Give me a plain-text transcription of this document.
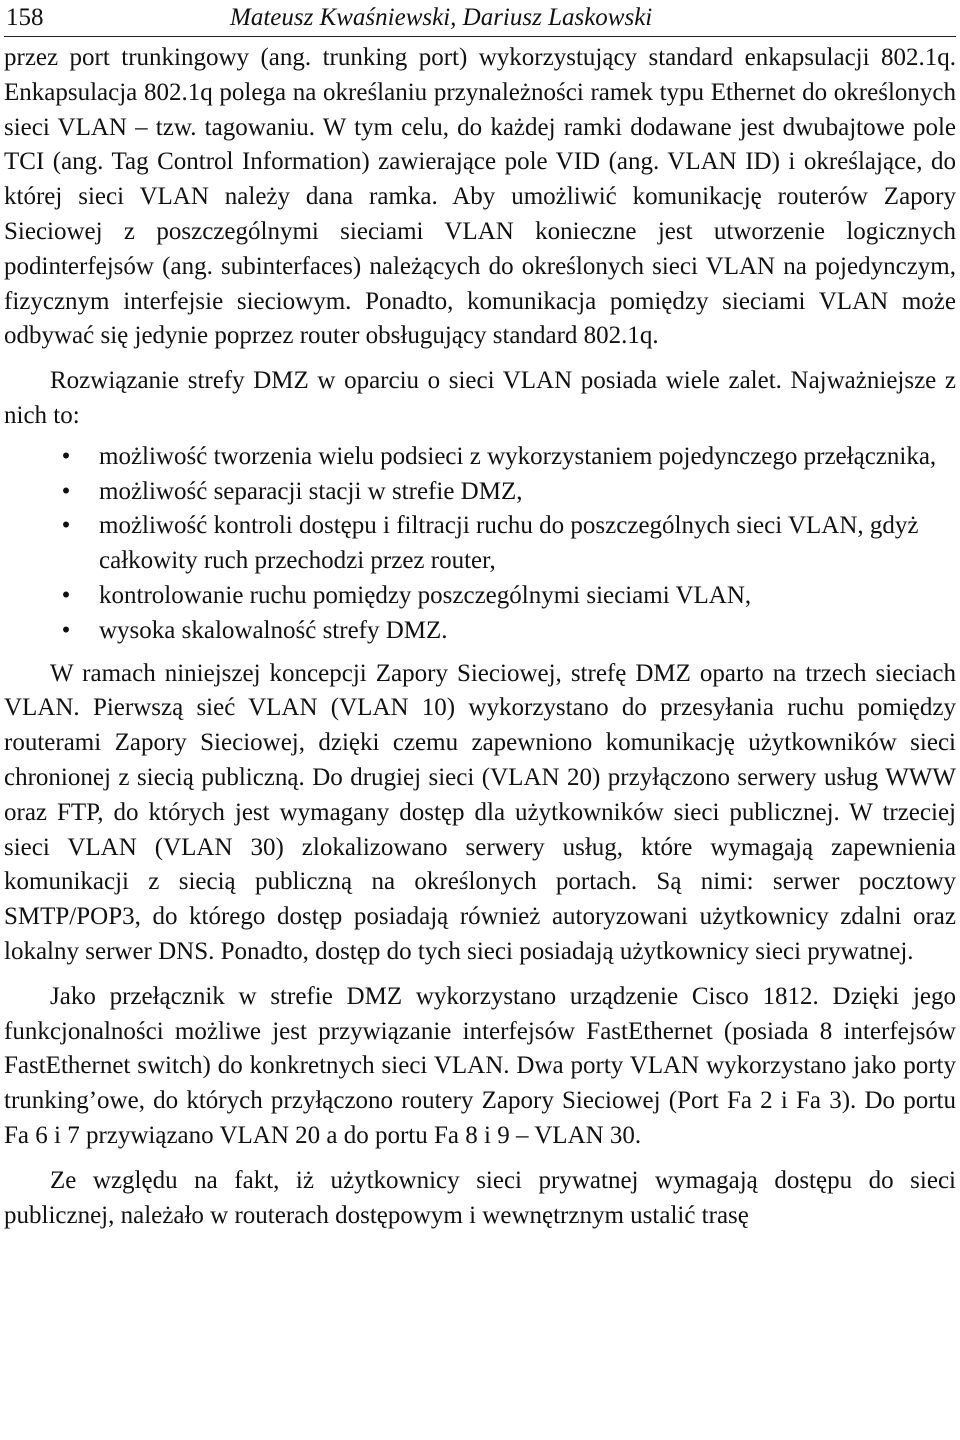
158	Mateusz Kwaśniewski, Dariusz Laskowski

przez port trunkingowy (ang. trunking port) wykorzystujący standard enkapsulacji 802.1q. Enkapsulacja 802.1q polega na określaniu przynależności ramek typu Ethernet do określonych sieci VLAN – tzw. tagowaniu. W tym celu, do każdej ramki dodawane jest dwubajtowe pole TCI (ang. Tag Control Information) zawierające pole VID (ang. VLAN ID) i określające, do której sieci VLAN należy dana ramka. Aby umożliwić komunikację routerów Zapory Sieciowej z poszczególnymi sieciami VLAN konieczne jest utworzenie logicznych podinterfejsów (ang. subinterfaces) należących do określonych sieci VLAN na pojedynczym, fizycznym interfejsie sieciowym. Ponadto, komunikacja pomiędzy sieciami VLAN może odbywać się jedynie poprzez router obsługujący standard 802.1q.

Rozwiązanie strefy DMZ w oparciu o sieci VLAN posiada wiele zalet. Najważniejsze z nich to:

• możliwość tworzenia wielu podsieci z wykorzystaniem pojedynczego przełącznika,
• możliwość separacji stacji w strefie DMZ,
• możliwość kontroli dostępu i filtracji ruchu do poszczególnych sieci VLAN, gdyż całkowity ruch przechodzi przez router,
• kontrolowanie ruchu pomiędzy poszczególnymi sieciami VLAN,
• wysoka skalowalność strefy DMZ.

W ramach niniejszej koncepcji Zapory Sieciowej, strefę DMZ oparto na trzech sieciach VLAN. Pierwszą sieć VLAN (VLAN 10) wykorzystano do przesyłania ruchu pomiędzy routerami Zapory Sieciowej, dzięki czemu zapewniono komunikację użytkowników sieci chronionej z siecią publiczną. Do drugiej sieci (VLAN 20) przyłączono serwery usług WWW oraz FTP, do których jest wymagany dostęp dla użytkowników sieci publicznej. W trzeciej sieci VLAN (VLAN 30) zlokalizowano serwery usług, które wymagają zapewnienia komunikacji z siecią publiczną na określonych portach. Są nimi: serwer pocztowy SMTP/POP3, do którego dostęp posiadają również autoryzowani użytkownicy zdalni oraz lokalny serwer DNS. Ponadto, dostęp do tych sieci posiadają użytkownicy sieci prywatnej.

Jako przełącznik w strefie DMZ wykorzystano urządzenie Cisco 1812. Dzięki jego funkcjonalności możliwe jest przywiązanie interfejsów FastEthernet (posiada 8 interfejsów FastEthernet switch) do konkretnych sieci VLAN. Dwa porty VLAN wykorzystano jako porty trunking’owe, do których przyłączono routery Zapory Sieciowej (Port Fa 2 i Fa 3). Do portu Fa 6 i 7 przywiązano VLAN 20 a do portu Fa 8 i 9 – VLAN 30.

Ze względu na fakt, iż użytkownicy sieci prywatnej wymagają dostępu do sieci publicznej, należało w routerach dostępowym i wewnętrznym ustalić trasę
